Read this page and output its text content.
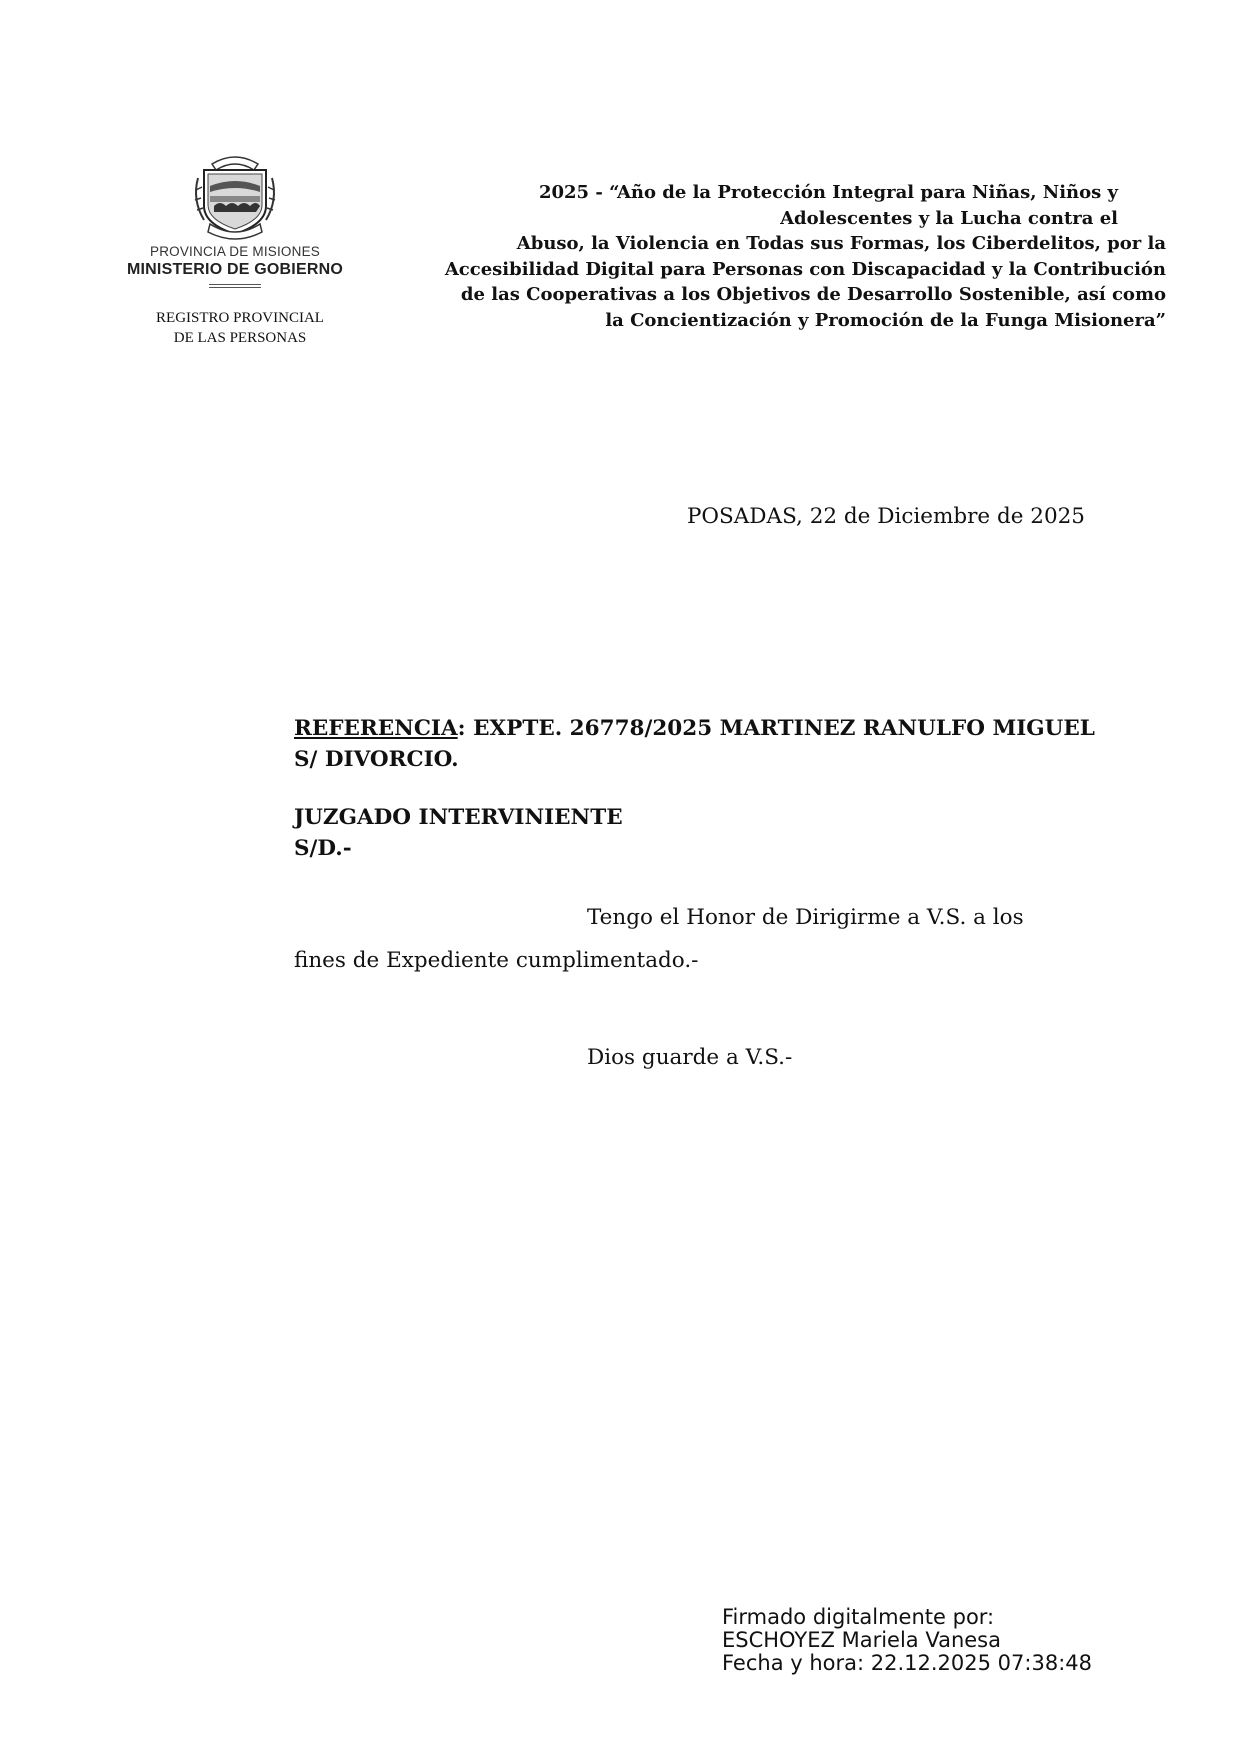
PROVINCIA DE MISIONES
MINISTERIO DE GOBIERNO
REGISTRO PROVINCIAL
DE LAS PERSONAS
2025 - “Año de la Protección Integral para Niñas, Niños y
Adolescentes y la Lucha contra el
Abuso, la Violencia en Todas sus Formas, los Ciberdelitos, por la
Accesibilidad Digital para Personas con Discapacidad y la Contribución
de las Cooperativas a los Objetivos de Desarrollo Sostenible, así como
la Concientización y Promoción de la Funga Misionera”
POSADAS, 22 de Diciembre de 2025
REFERENCIA: EXPTE. 26778/2025 MARTINEZ RANULFO MIGUEL
S/ DIVORCIO.
JUZGADO INTERVINIENTE
S/D.-
Tengo el Honor de Dirigirme a V.S. a los
fines de Expediente cumplimentado.-
Dios guarde a V.S.-
Firmado digitalmente por:
ESCHOYEZ Mariela Vanesa
Fecha y hora: 22.12.2025 07:38:48
